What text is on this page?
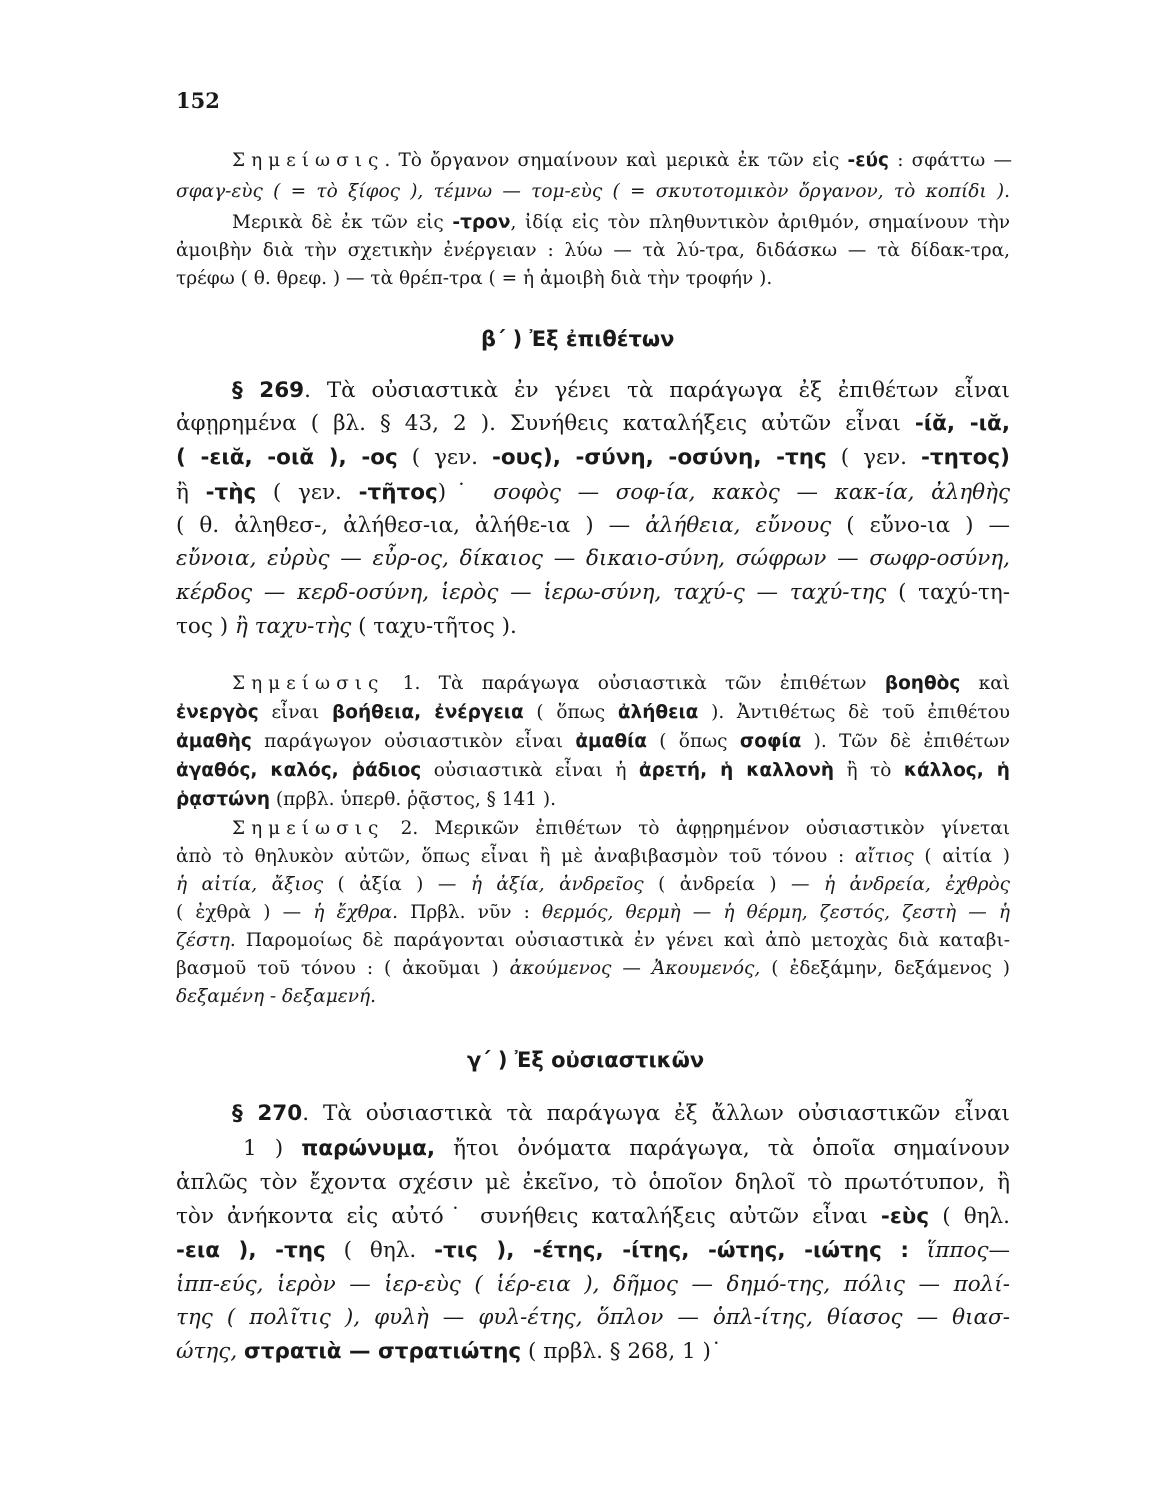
152
Σημείωσις. Τὸ ὄργανον σημαίνουν καὶ μερικὰ ἐκ τῶν εἰς -εύς : σφάττω —
σφαγ-εὺς ( = τὸ ξίφος ), τέμνω — τομ-εὺς ( = σκυτοτομικὸν ὄργανον, τὸ κοπίδι ).
Μερικὰ δὲ ἐκ τῶν εἰς -τρον, ἰδίᾳ εἰς τὸν πληθυντικὸν ἀριθμόν, σημαίνουν τὴν
ἀμοιβὴν διὰ τὴν σχετικὴν ἐνέργειαν : λύω — τὰ λύ-τρα, διδάσκω — τὰ δίδακ-τρα,
τρέφω ( θ. θρεφ. ) — τὰ θρέπ-τρα ( = ἡ ἀμοιβὴ διὰ τὴν τροφήν ).
β΄ ) Ἐξ ἐπιθέτων
§ 269. Τὰ οὐσιαστικὰ ἐν γένει τὰ παράγωγα ἐξ ἐπιθέτων εἶναι
ἀφῃρημένα ( βλ. § 43, 2 ). Συνήθεις καταλήξεις αὐτῶν εἶναι -ίᾰ, -ιᾰ,
( -ειᾰ, -οιᾰ ), -ος ( γεν. -ους), -σύνη, -οσύνη, -της ( γεν. -τητος)
ἢ -τὴς ( γεν. -τῆτος)˙ σοφὸς — σοφ-ία, κακὸς — κακ-ία, ἀληθὴς
( θ. ἀληθεσ-, ἀλήθεσ-ια, ἀλήθε-ια ) — ἀλήθεια, εὔνους ( εὔνο-ια ) —
εὔνοια, εὐρὺς — εὖρ-ος, δίκαιος — δικαιο-σύνη, σώφρων — σωφρ-οσύνη,
κέρδος — κερδ-οσύνη, ἱερὸς — ἱερω-σύνη, ταχύ-ς — ταχύ-της ( ταχύ-τη-
τος ) ἢ ταχυ-τὴς ( ταχυ-τῆτος ).
Σημείωσις 1. Τὰ παράγωγα οὐσιαστικὰ τῶν ἐπιθέτων βοηθὸς καὶ
ἐνεργὸς εἶναι βοήθεια, ἐνέργεια ( ὅπως ἀλήθεια ). Ἀντιθέτως δὲ τοῦ ἐπιθέτου
ἀμαθὴς παράγωγον οὐσιαστικὸν εἶναι ἀμαθία ( ὅπως σοφία ). Τῶν δὲ ἐπιθέτων
ἀγαθός, καλός, ῥάδιος οὐσιαστικὰ εἶναι ἡ ἀρετή, ἡ καλλονὴ ἢ τὸ κάλλος, ἡ
ῥᾳστώνη (πρβλ. ὑπερθ. ῥᾷστος, § 141 ).
Σημείωσις 2. Μερικῶν ἐπιθέτων τὸ ἀφῃρημένον οὐσιαστικὸν γίνεται
ἀπὸ τὸ θηλυκὸν αὐτῶν, ὅπως εἶναι ἢ μὲ ἀναβιβασμὸν τοῦ τόνου : αἴτιος ( αἰτία )
ἡ αἰτία, ἄξιος ( ἀξία ) — ἡ ἀξία, ἀνδρεῖος ( ἀνδρεία ) — ἡ ἀνδρεία, ἐχθρὸς
( ἐχθρὰ ) — ἡ ἔχθρα. Πρβλ. νῦν : θερμός, θερμὴ — ἡ θέρμη, ζεστός, ζεστὴ — ἡ
ζέστη. Παρομοίως δὲ παράγονται οὐσιαστικὰ ἐν γένει καὶ ἀπὸ μετοχὰς διὰ καταβι-
βασμοῦ τοῦ τόνου : ( ἀκοῦμαι ) ἀκούμενος — Ἀκουμενός, ( ἐδεξάμην, δεξάμενος )
δεξαμένη - δεξαμενή.
γ΄ ) Ἐξ οὐσιαστικῶν
§ 270. Τὰ οὐσιαστικὰ τὰ παράγωγα ἐξ ἄλλων οὐσιαστικῶν εἶναι
1 ) παρώνυμα, ἤτοι ὀνόματα παράγωγα, τὰ ὁποῖα σημαίνουν
ἁπλῶς τὸν ἔχοντα σχέσιν μὲ ἐκεῖνο, τὸ ὁποῖον δηλοῖ τὸ πρωτότυπον, ἢ
τὸν ἀνήκοντα εἰς αὐτό˙ συνήθεις καταλήξεις αὐτῶν εἶναι -εὺς ( θηλ.
-εια ), -της ( θηλ. -τις ), -έτης, -ίτης, -ώτης, -ιώτης : ἵππος—
ἱππ-εύς, ἱερὸν — ἱερ-εὺς ( ἱέρ-εια ), δῆμος — δημό-της, πόλις — πολί-
της ( πολῖτις ), φυλὴ — φυλ-έτης, ὅπλον — ὁπλ-ίτης, θίασος — θιασ-
ώτης, στρατιὰ — στρατιώτης ( πρβλ. § 268, 1 )˙
